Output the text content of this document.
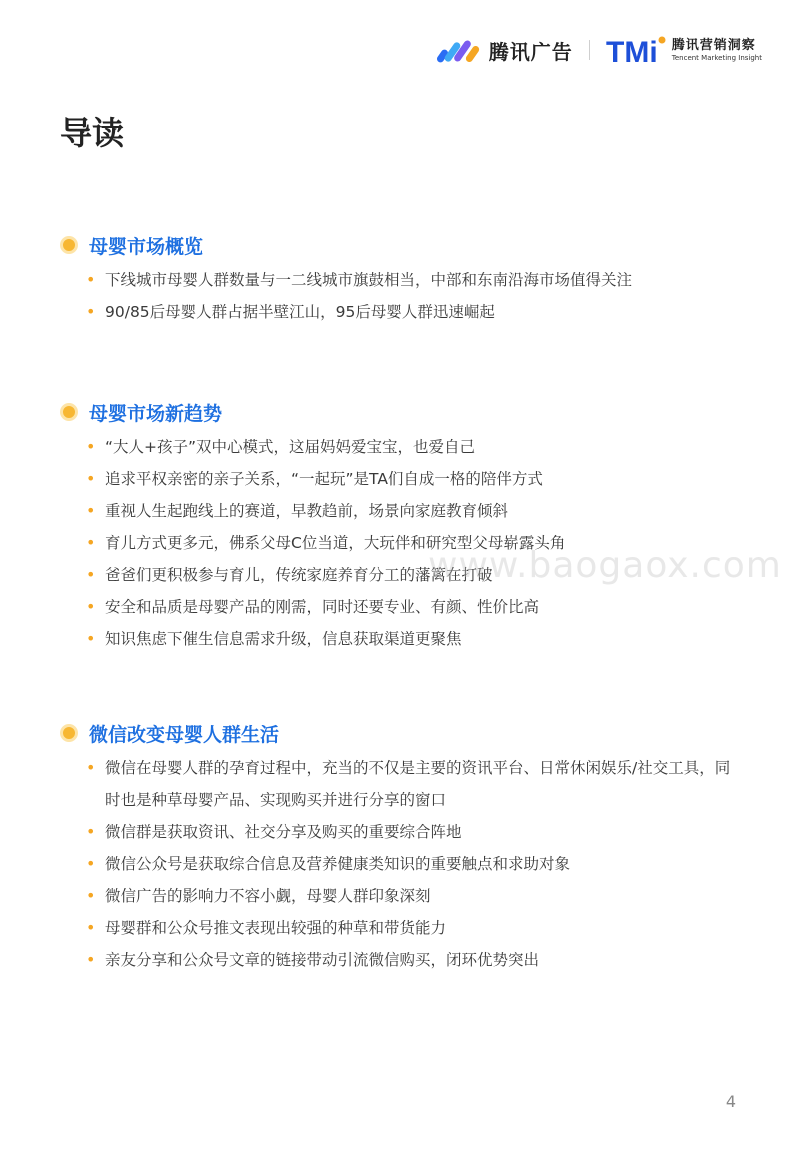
腾讯广告 TMi 腾讯营销洞察
Tencent Marketing Insight
导读
母婴市场概览
• 下线城市母婴人群数量与一二线城市旗鼓相当，中部和东南沿海市场值得关注
• 90/85后母婴人群占据半壁江山，95后母婴人群迅速崛起
母婴市场新趋势
• “大人+孩子”双中心模式，这届妈妈爱宝宝，也爱自己
• 追求平权亲密的亲子关系，“一起玩”是TA们自成一格的陪伴方式
• 重视人生起跑线上的赛道，早教趋前，场景向家庭教育倾斜
• 育儿方式更多元，佛系父母C位当道，大玩伴和研究型父母崭露头角
• 爸爸们更积极参与育儿，传统家庭养育分工的藩篱在打破
• 安全和品质是母婴产品的刚需，同时还要专业、有颜、性价比高
• 知识焦虑下催生信息需求升级，信息获取渠道更聚焦
微信改变母婴人群生活
• 微信在母婴人群的孕育过程中，充当的不仅是主要的资讯平台、日常休闲娱乐/社交工具，同时也是种草母婴产品、实现购买并进行分享的窗口
• 微信群是获取资讯、社交分享及购买的重要综合阵地
• 微信公众号是获取综合信息及营养健康类知识的重要触点和求助对象
• 微信广告的影响力不容小觑，母婴人群印象深刻
• 母婴群和公众号推文表现出较强的种草和带货能力
• 亲友分享和公众号文章的链接带动引流微信购买，闭环优势突出
www.baogaox.com
4
